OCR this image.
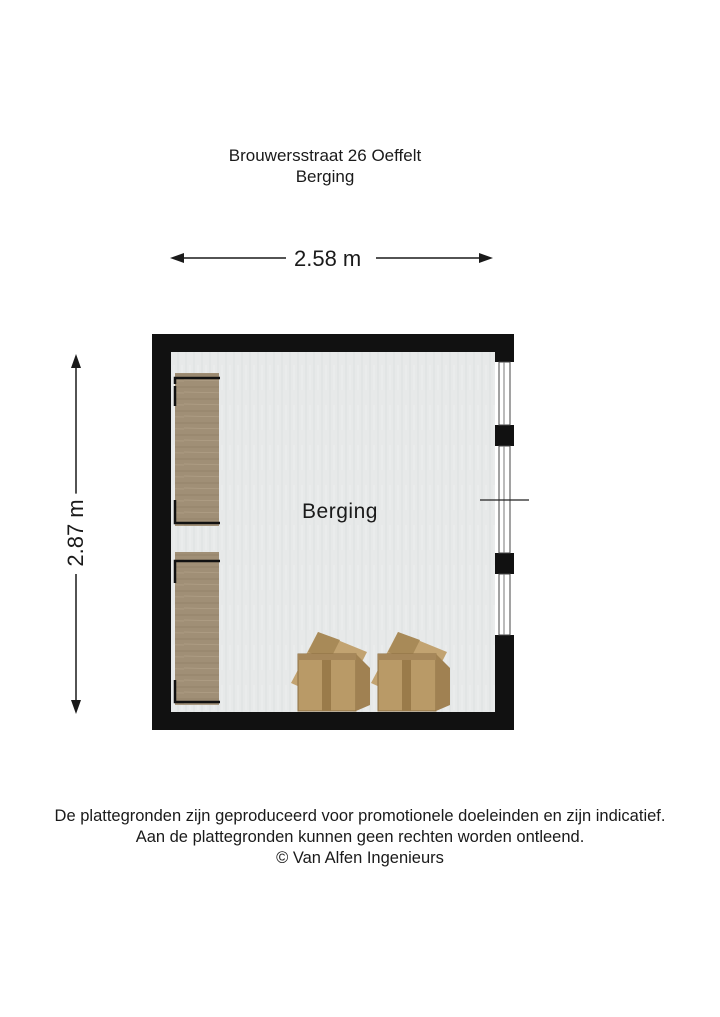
Brouwersstraat 26 Oeffelt
Berging
2.58 m
2.87 m	Berging
De plattegronden zijn geproduceerd voor promotionele doeleinden en zijn indicatief.
Aan de plattegronden kunnen geen rechten worden ontleend.
© Van Alfen Ingenieurs
